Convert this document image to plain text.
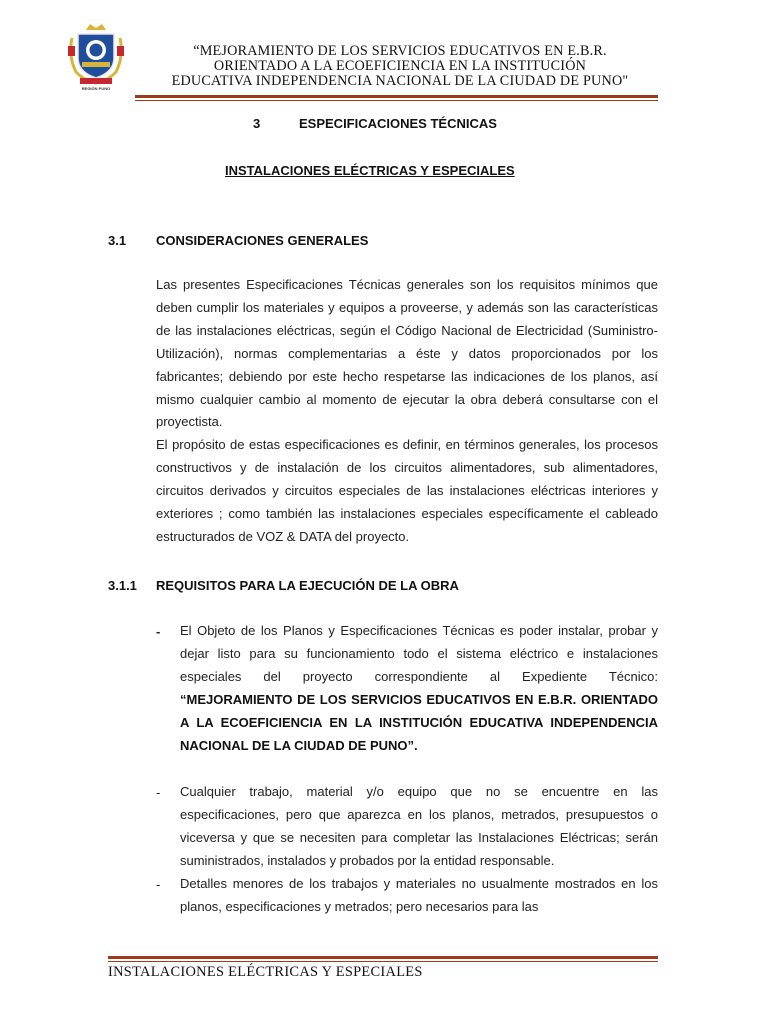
REGIÓN PUNO
“MEJORAMIENTO DE LOS SERVICIOS EDUCATIVOS EN E.B.R.
ORIENTADO A LA ECOEFICIENCIA EN LA INSTITUCIÓN
EDUCATIVA INDEPENDENCIA NACIONAL DE LA CIUDAD DE PUNO"
3	ESPECIFICACIONES TÉCNICAS
INSTALACIONES ELÉCTRICAS Y ESPECIALES
3.1 CONSIDERACIONES GENERALES
Las presentes Especificaciones Técnicas generales son los requisitos mínimos que deben cumplir los materiales y equipos a proveerse, y además son las características de las instalaciones eléctricas, según el Código Nacional de Electricidad (Suministro-Utilización), normas complementarias a éste y datos proporcionados por los fabricantes; debiendo por este hecho respetarse las indicaciones de los planos, así mismo cualquier cambio al momento de ejecutar la obra deberá consultarse con el proyectista.
El propósito de estas especificaciones es definir, en términos generales, los procesos constructivos y de instalación de los circuitos alimentadores, sub alimentadores, circuitos derivados y circuitos especiales de las instalaciones eléctricas interiores y exteriores ; como también las instalaciones especiales específicamente el cableado estructurados de VOZ & DATA del proyecto.
3.1.1 REQUISITOS PARA LA EJECUCIÓN DE LA OBRA
- El Objeto de los Planos y Especificaciones Técnicas es poder instalar, probar y dejar listo para su funcionamiento todo el sistema eléctrico e instalaciones especiales del proyecto correspondiente al Expediente Técnico: “MEJORAMIENTO DE LOS SERVICIOS EDUCATIVOS EN E.B.R. ORIENTADO A LA ECOEFICIENCIA EN LA INSTITUCIÓN EDUCATIVA INDEPENDENCIA NACIONAL DE LA CIUDAD DE PUNO”.
- Cualquier trabajo, material y/o equipo que no se encuentre en las especificaciones, pero que aparezca en los planos, metrados, presupuestos o viceversa y que se necesiten para completar las Instalaciones Eléctricas; serán suministrados, instalados y probados por la entidad responsable.
- Detalles menores de los trabajos y materiales no usualmente mostrados en los planos, especificaciones y metrados; pero necesarios para las
INSTALACIONES ELÉCTRICAS Y ESPECIALES
